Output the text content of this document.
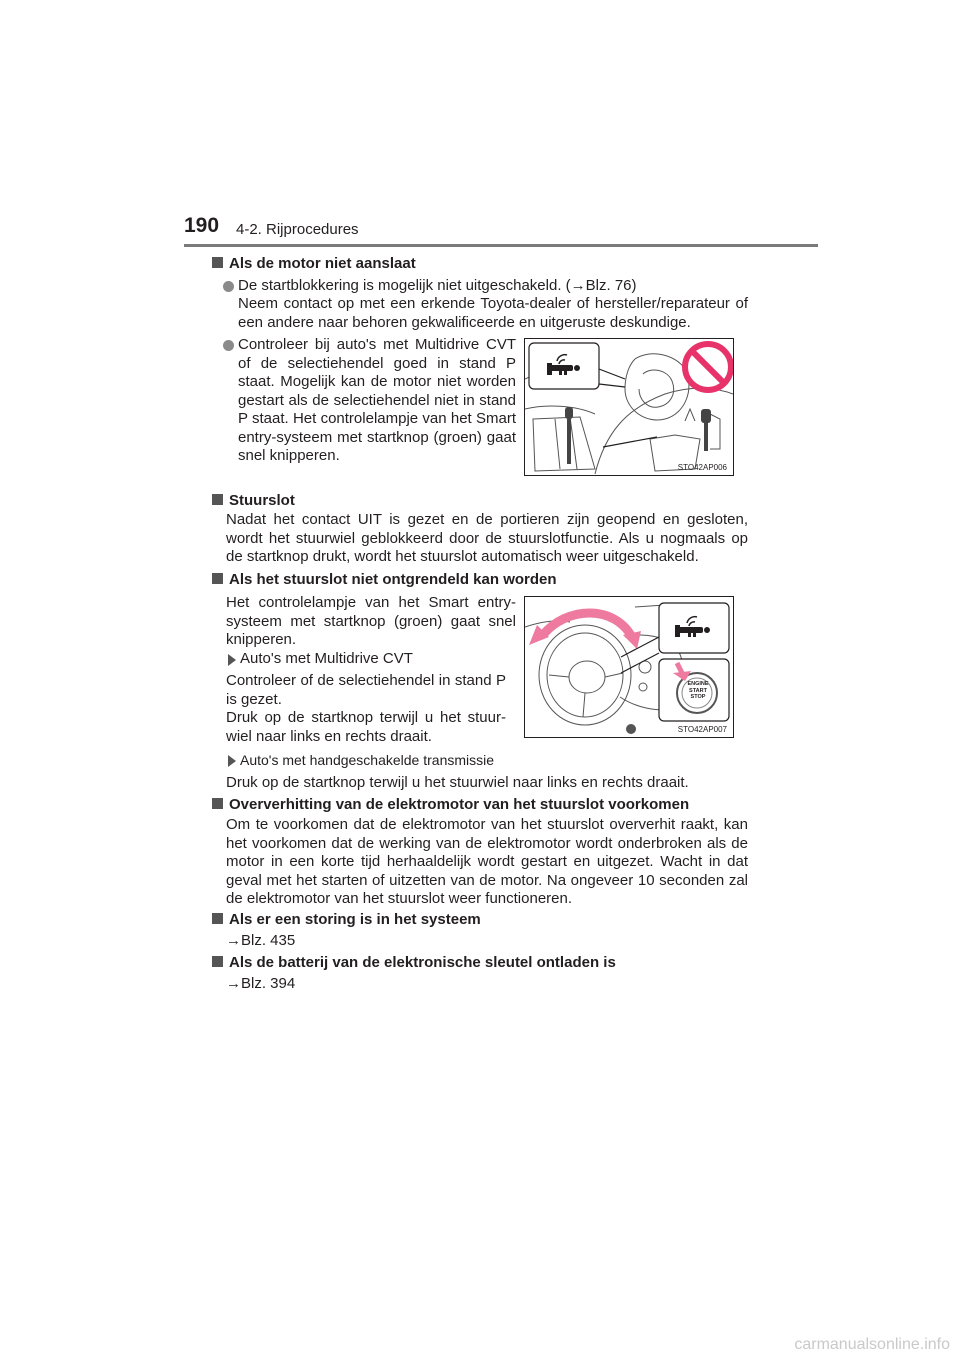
190 4-2. Rijprocedures
Als de motor niet aanslaat
De startblokkering is mogelijk niet uitgeschakeld. (→Blz. 76)
Neem contact op met een erkende Toyota-dealer of hersteller/reparateur of een andere naar behoren gekwalificeerde en uitgeruste deskundige.
Controleer bij auto's met Multidrive CVT of de selectiehendel goed in stand P staat. Mogelijk kan de motor niet worden gestart als de selectiehendel niet in stand P staat. Het controlelampje van het Smart entry-systeem met startknop (groen) gaat snel knipperen.
STO42AP006
Stuurslot
Nadat het contact UIT is gezet en de portieren zijn geopend en gesloten, wordt het stuurwiel geblokkeerd door de stuurslotfunctie. Als u nogmaals op de startknop drukt, wordt het stuurslot automatisch weer uitgeschakeld.
Als het stuurslot niet ontgrendeld kan worden
Het controlelampje van het Smart entry-systeem met startknop (groen) gaat snel knipperen.
Auto's met Multidrive CVT
Controleer of de selectiehendel in stand P is gezet.
Druk op de startknop terwijl u het stuur-wiel naar links en rechts draait.
Auto's met handgeschakelde transmissie
Druk op de startknop terwijl u het stuurwiel naar links en rechts draait.
ENGINE
START
STOP
STO42AP007
Oververhitting van de elektromotor van het stuurslot voorkomen
Om te voorkomen dat de elektromotor van het stuurslot oververhit raakt, kan het voorkomen dat de werking van de elektromotor wordt onderbroken als de motor in een korte tijd herhaaldelijk wordt gestart en uitgezet. Wacht in dat geval met het starten of uitzetten van de motor. Na ongeveer 10 seconden zal de elektromotor van het stuurslot weer functioneren.
Als er een storing is in het systeem
→Blz. 435
Als de batterij van de elektronische sleutel ontladen is
→Blz. 394
carmanualsonline.info
